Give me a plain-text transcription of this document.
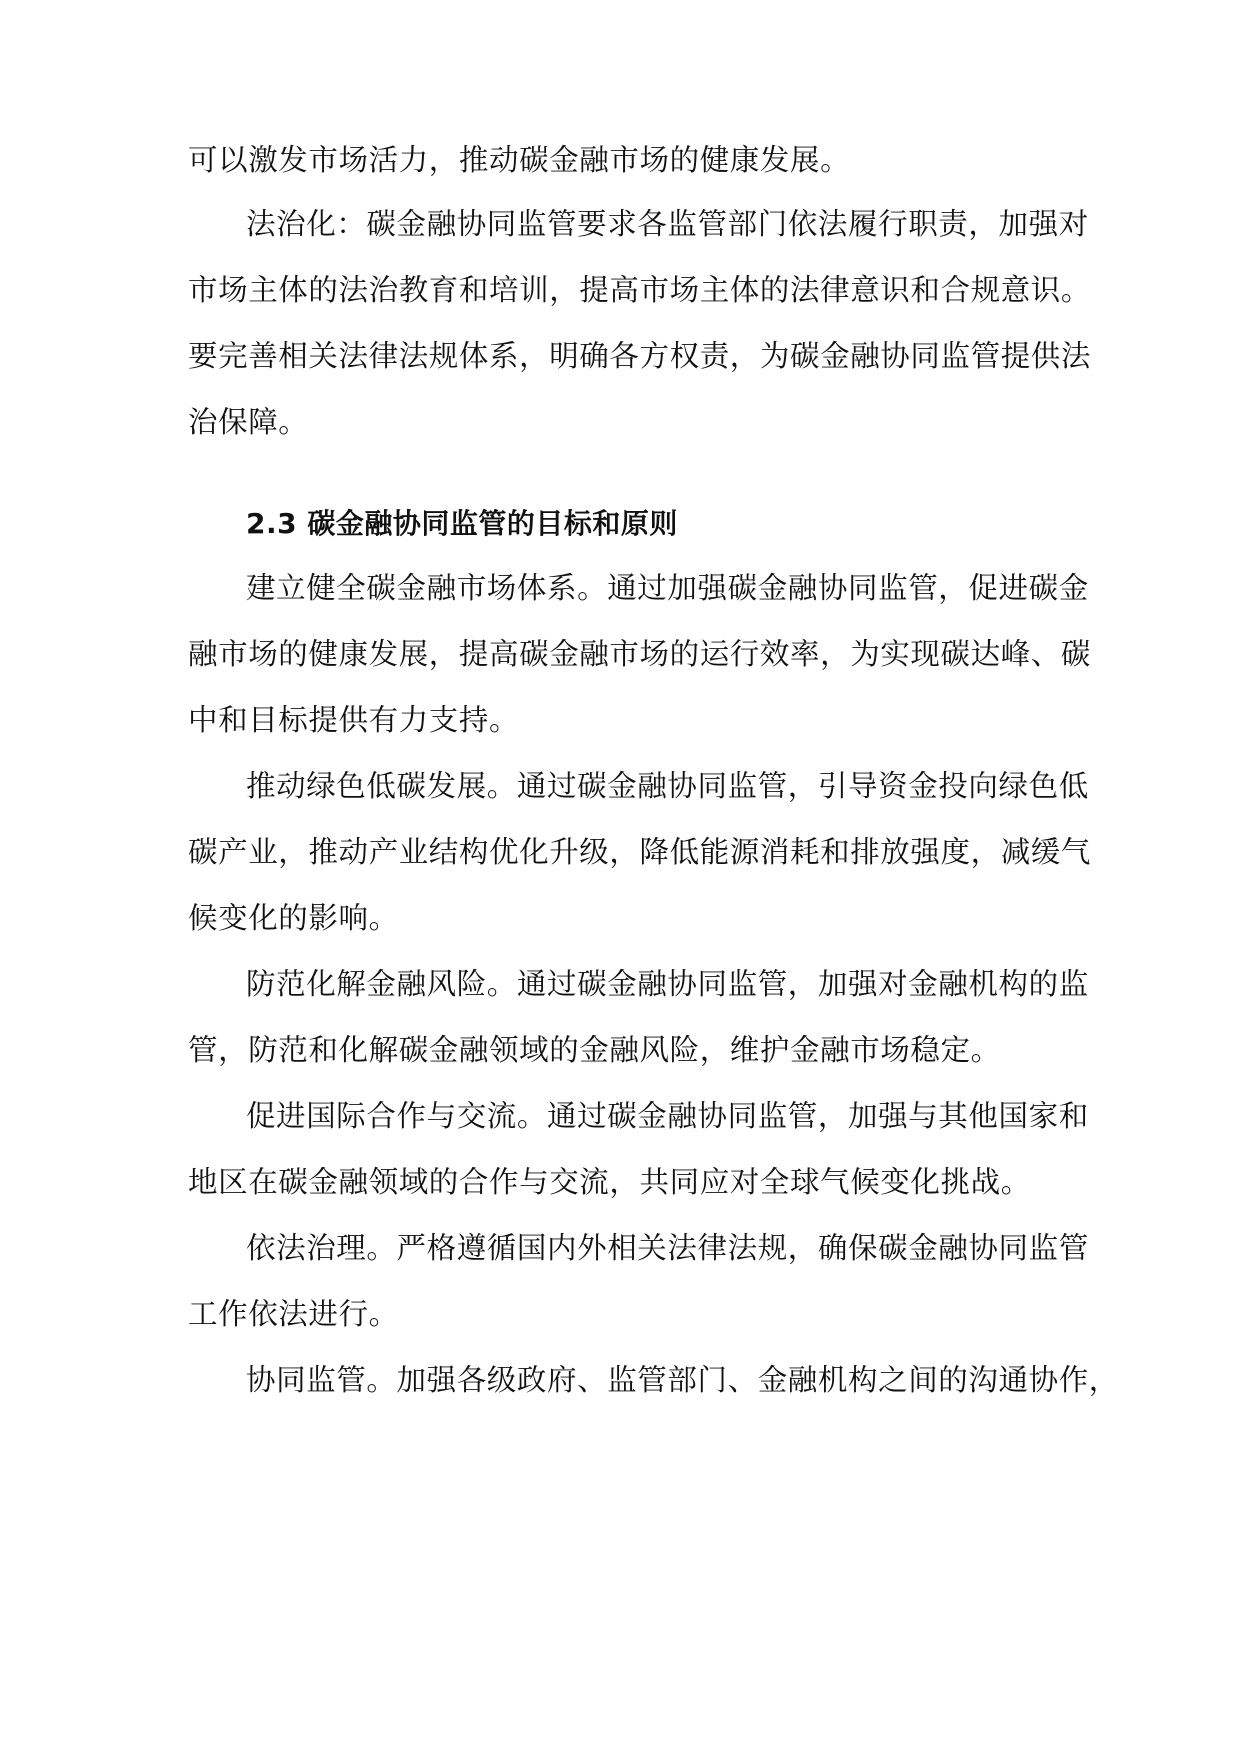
可以激发市场活力，推动碳金融市场的健康发展。
法治化：碳金融协同监管要求各监管部门依法履行职责，加强对
市场主体的法治教育和培训，提高市场主体的法律意识和合规意识。
要完善相关法律法规体系，明确各方权责，为碳金融协同监管提供法
治保障。
2.3 碳金融协同监管的目标和原则
建立健全碳金融市场体系。通过加强碳金融协同监管，促进碳金
融市场的健康发展，提高碳金融市场的运行效率，为实现碳达峰、碳
中和目标提供有力支持。
推动绿色低碳发展。通过碳金融协同监管，引导资金投向绿色低
碳产业，推动产业结构优化升级，降低能源消耗和排放强度，减缓气
候变化的影响。
防范化解金融风险。通过碳金融协同监管，加强对金融机构的监
管，防范和化解碳金融领域的金融风险，维护金融市场稳定。
促进国际合作与交流。通过碳金融协同监管，加强与其他国家和
地区在碳金融领域的合作与交流，共同应对全球气候变化挑战。
依法治理。严格遵循国内外相关法律法规，确保碳金融协同监管
工作依法进行。
协同监管。加强各级政府、监管部门、金融机构之间的沟通协作，
